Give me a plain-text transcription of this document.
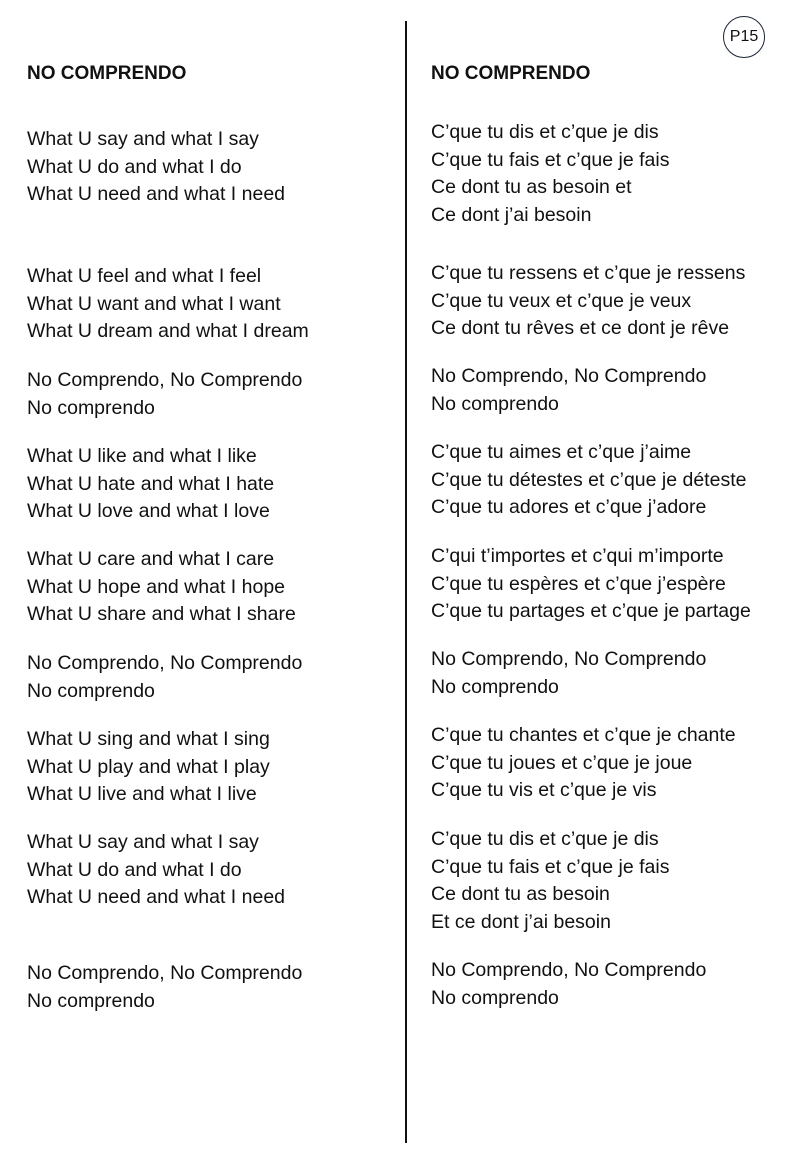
P15
NO COMPRENDO
What U say and what I say
What U do and what I do
What U need and what I need
What U feel and what I feel
What U want and what I want
What U dream and what I dream
No Comprendo, No Comprendo
No comprendo
What U like and what I like
What U hate and what I hate
What U love and what I love
What U care and what I care
What U hope and what I hope
What U share and what I share
No Comprendo, No Comprendo
No comprendo
What U sing and what I sing
What U play and what I play
What U live and what I live
What U say and what I say
What U do and what I do
What U need and what I need
No Comprendo, No Comprendo
No comprendo
NO COMPRENDO
C’que tu dis et c’que je dis
C’que tu fais et c’que je fais
Ce dont tu as besoin et
Ce dont j’ai besoin
C’que tu ressens et c’que je ressens
C’que tu veux et c’que je veux
Ce dont tu rêves et ce dont je rêve
No Comprendo, No Comprendo
No comprendo
C’que tu aimes et c’que j’aime
C’que tu détestes et c’que je déteste
C’que tu adores et c’que j’adore
C’qui t’importes et c’qui m’importe
C’que tu espères et c’que j’espère
C’que tu partages et c’que je partage
No Comprendo, No Comprendo
No comprendo
C’que tu chantes et c’que je chante
C’que tu joues et c’que je joue
C’que tu vis et c’que je vis
C’que tu dis et c’que je dis
C’que tu fais et c’que je fais
Ce dont tu as besoin
Et ce dont j’ai besoin
No Comprendo, No Comprendo
No comprendo
